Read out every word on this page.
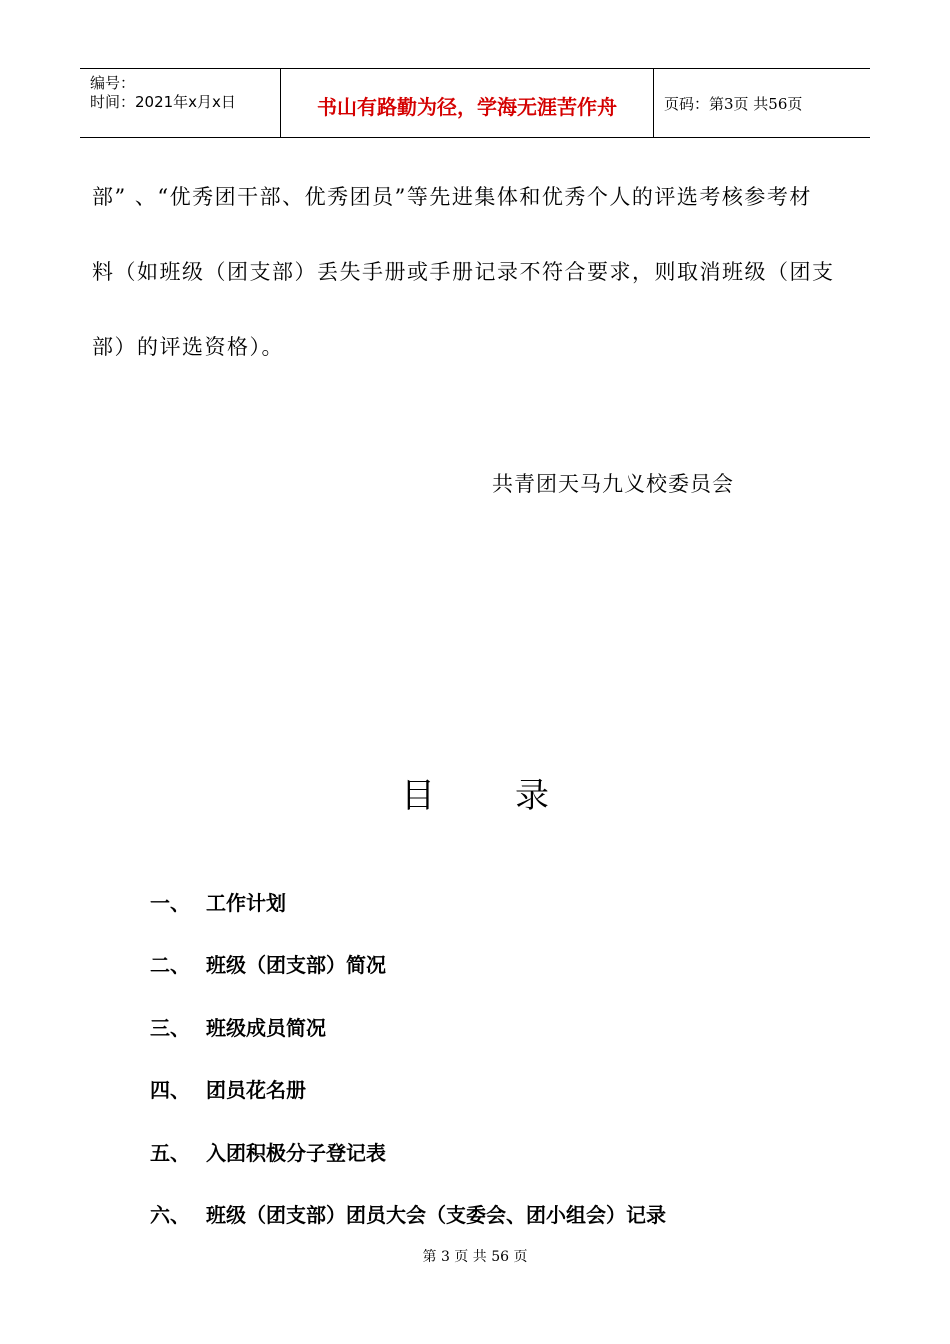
编号：
时间：2021年x月x日	书山有路勤为径，学海无涯苦作舟	页码：第3页 共56页
部” 、“优秀团干部、优秀团员”等先进集体和优秀个人的评选考核参考材
料（如班级（团支部）丢失手册或手册记录不符合要求，则取消班级（团支
部）的评选资格）。
共青团天马九义校委员会
目 录
一、 工作计划
二、 班级（团支部）简况
三、 班级成员简况
四、 团员花名册
五、 入团积极分子登记表
六、 班级（团支部）团员大会（支委会、团小组会）记录
第 3 页 共 56 页
